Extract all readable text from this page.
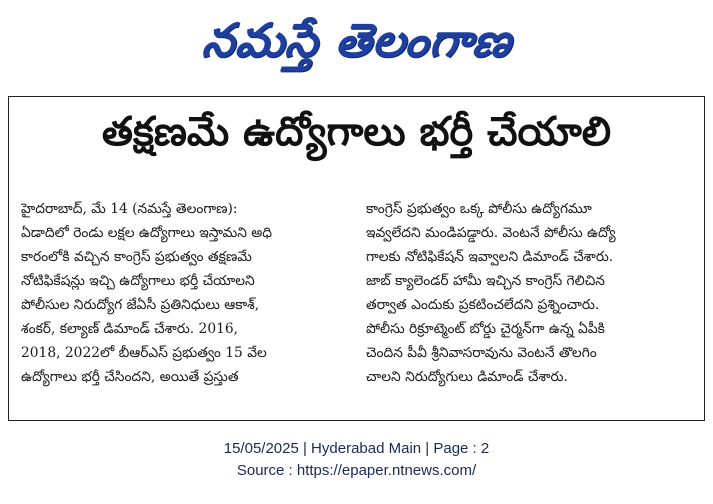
నమస్తే తెలంగాణ
తక్షణమే ఉద్యోగాలు భర్తీ చేయాలి
హైదరాబాద్, మే 14 (నమస్తే తెలంగాణ):
ఏడాదిలో రెండు లక్షల ఉద్యోగాలు ఇస్తామని అధి
కారంలోకి వచ్చిన కాంగ్రెస్ ప్రభుత్వం తక్షణమే
నోటిఫికేషన్లు ఇచ్చి ఉద్యోగాలు భర్తీ చేయాలని
పోలీసుల నిరుద్యోగ జేఏసీ ప్రతినిధులు ఆకాశ్,
శంకర్, కల్యాణ్ డిమాండ్ చేశారు. 2016,
2018, 2022లో బీఆర్ఎస్ ప్రభుత్వం 15 వేల
ఉద్యోగాలు భర్తీ చేసిందని, అయితే ప్రస్తుత
కాంగ్రెస్ ప్రభుత్వం ఒక్క పోలీసు ఉద్యోగమూ
ఇవ్వలేదని మండిపడ్డారు. వెంటనే పోలీసు ఉద్యో
గాలకు నోటిఫికేషన్ ఇవ్వాలని డిమాండ్ చేశారు.
జాబ్ క్యాలెండర్ హామీ ఇచ్చిన కాంగ్రెస్ గెలిచిన
తర్వాత ఎందుకు ప్రకటించలేదని ప్రశ్నించారు.
పోలీసు రిక్రూట్మెంట్ బోర్డు చైర్మన్‌గా ఉన్న ఏపీకి
చెందిన పీవీ శ్రీనివాసరావును వెంటనే తొలగిం
చాలని నిరుద్యోగులు డిమాండ్ చేశారు.
15/05/2025 | Hyderabad Main | Page : 2
Source : https://epaper.ntnews.com/
